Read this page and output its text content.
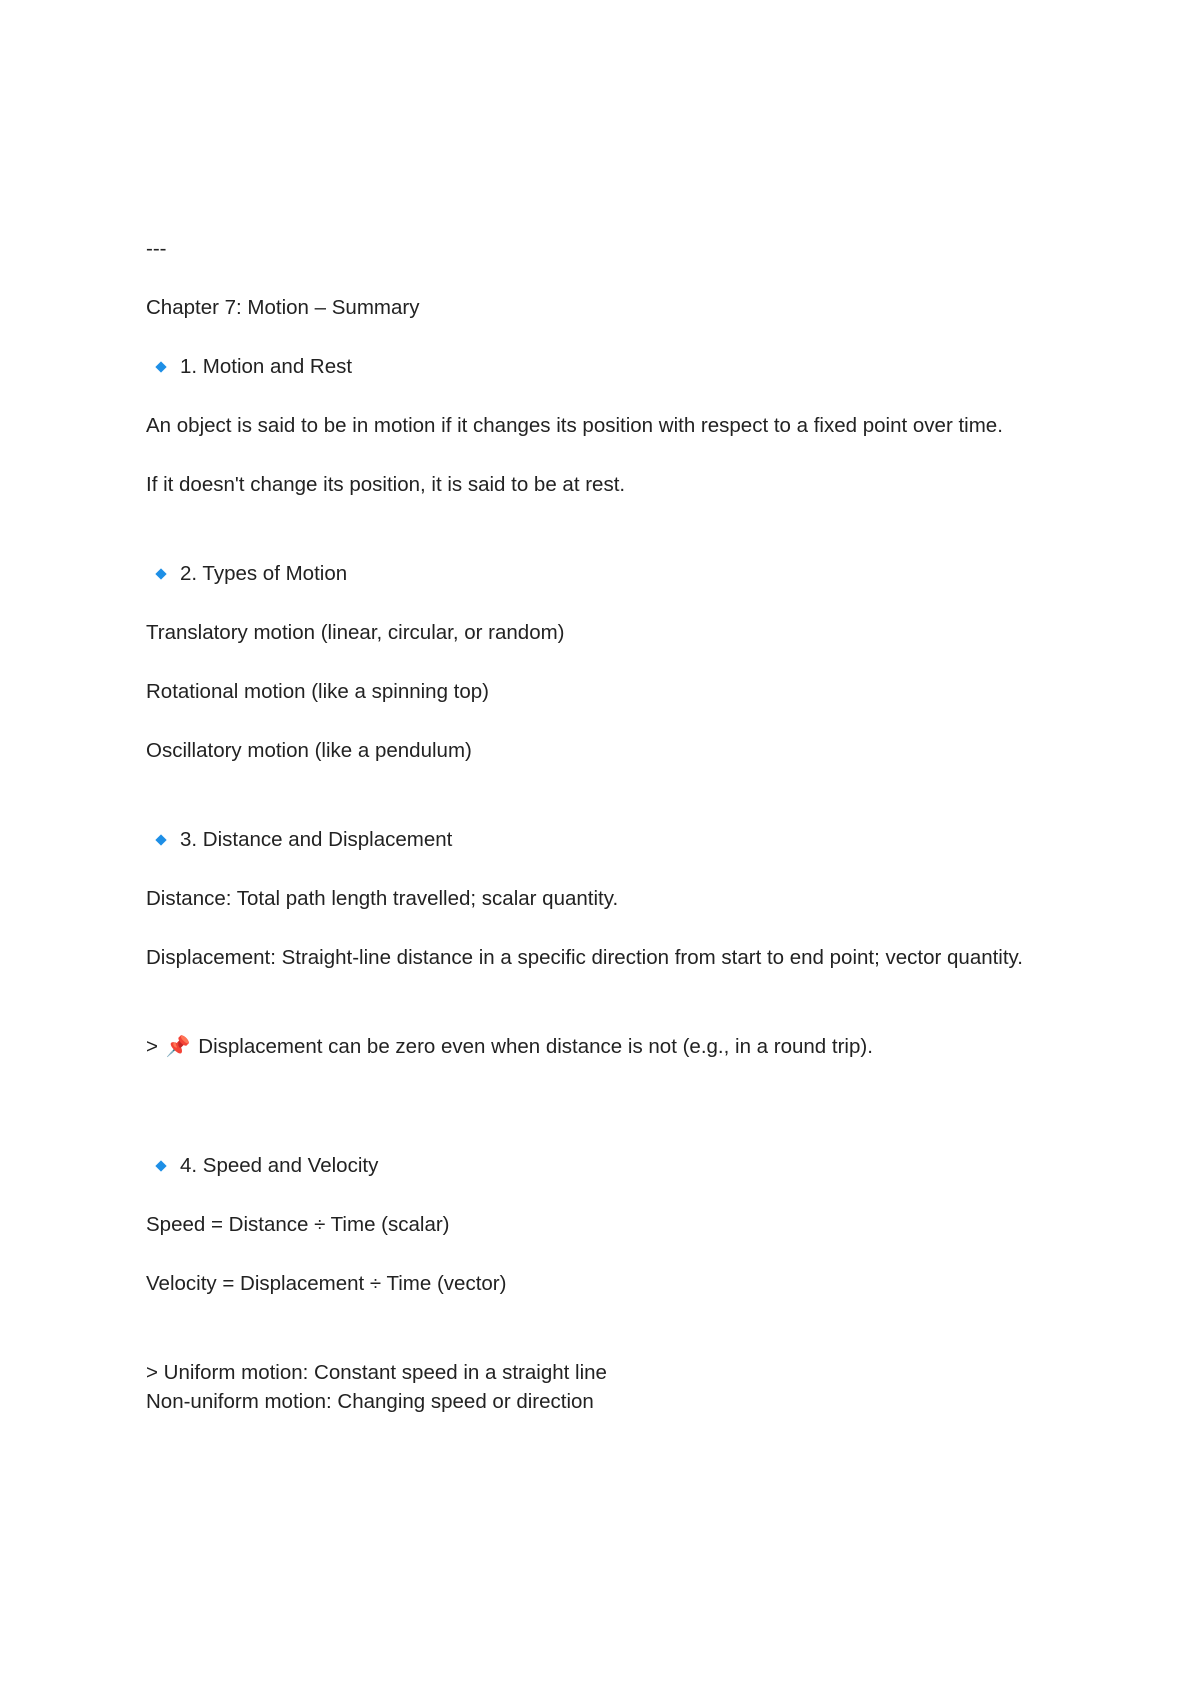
---

Chapter 7: Motion – Summary

1. Motion and Rest

An object is said to be in motion if it changes its position with respect to a fixed point over time.

If it doesn't change its position, it is said to be at rest.

2. Types of Motion

Translatory motion (linear, circular, or random)

Rotational motion (like a spinning top)

Oscillatory motion (like a pendulum)

3. Distance and Displacement

Distance: Total path length travelled; scalar quantity.

Displacement: Straight-line distance in a specific direction from start to end point; vector quantity.

> 📌 Displacement can be zero even when distance is not (e.g., in a round trip).

4. Speed and Velocity

Speed = Distance ÷ Time (scalar)

Velocity = Displacement ÷ Time (vector)

> Uniform motion: Constant speed in a straight line

Non-uniform motion: Changing speed or direction
